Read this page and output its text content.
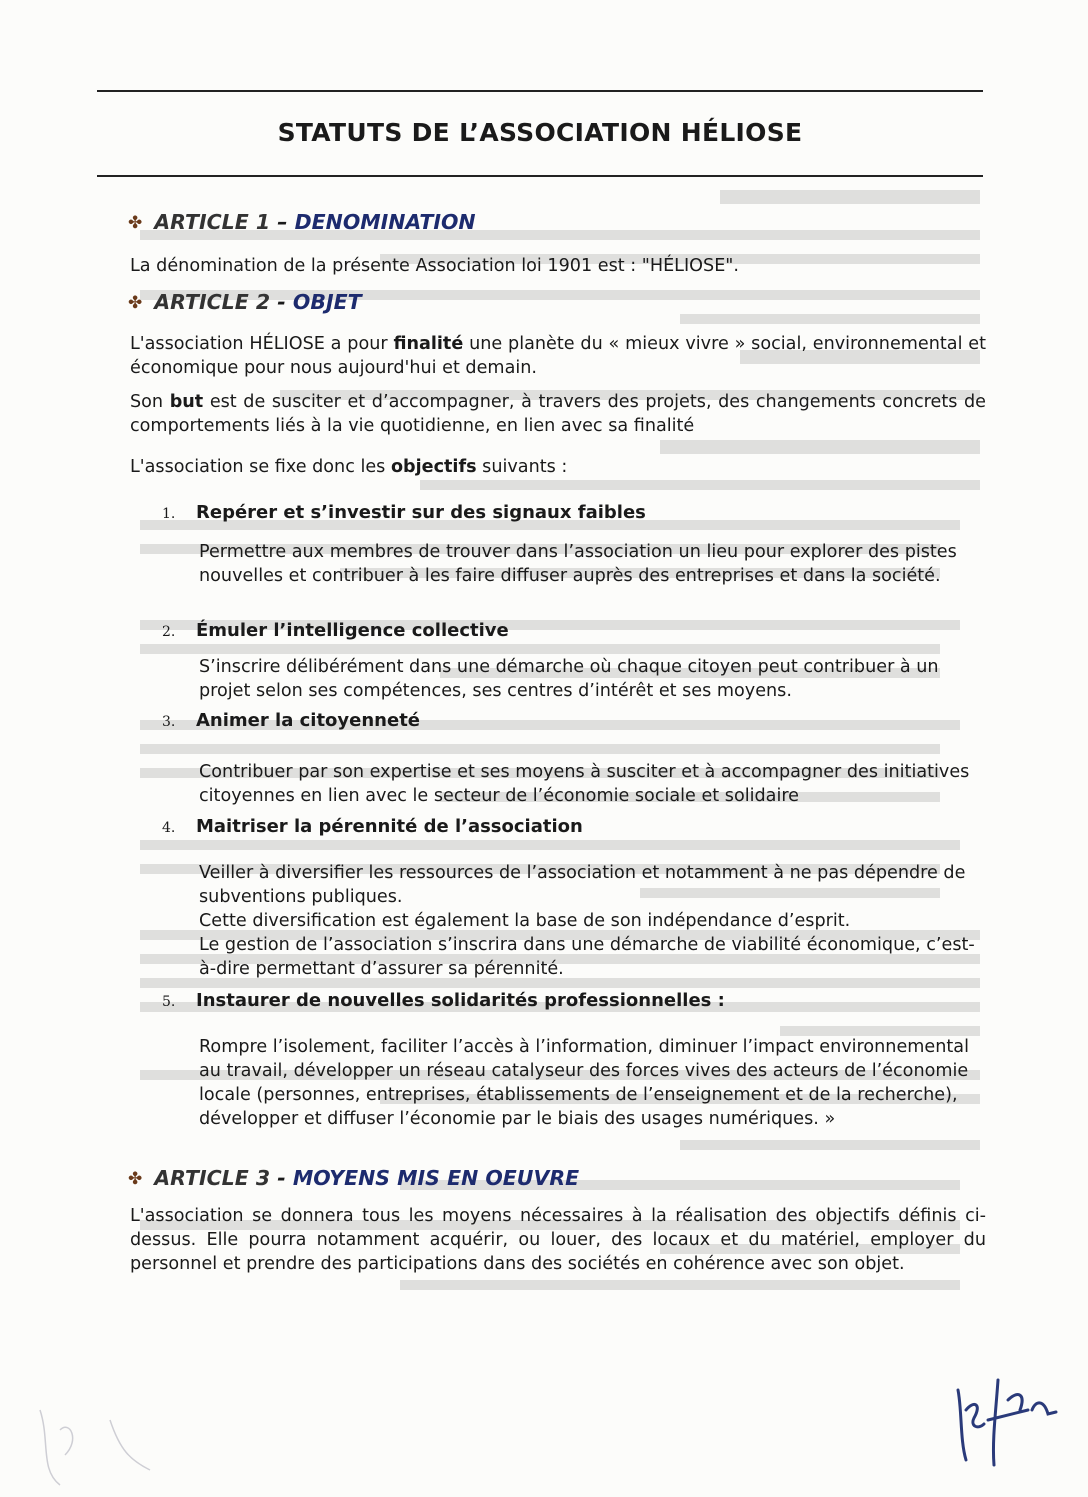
STATUTS DE L’ASSOCIATION HÉLIOSE
✤ ARTICLE 1 – DENOMINATION

La dénomination de la présente Association loi 1901 est : "HÉLIOSE".

✤ ARTICLE 2 - OBJET

L'association HÉLIOSE a pour finalité une planète du « mieux vivre » social, environnemental et économique pour nous aujourd'hui et demain.

Son but est de susciter et d’accompagner, à travers des projets, des changements concrets de comportements liés à la vie quotidienne, en lien avec sa finalité

L'association se fixe donc les objectifs suivants :

1. Repérer et s’investir sur des signaux faibles

Permettre aux membres de trouver dans l’association un lieu pour explorer des pistes nouvelles et contribuer à les faire diffuser auprès des entreprises et dans la société.

2. Émuler l’intelligence collective

S’inscrire délibérément dans une démarche où chaque citoyen peut contribuer à un projet selon ses compétences, ses centres d’intérêt et ses moyens.

3. Animer la citoyenneté

Contribuer par son expertise et ses moyens à susciter et à accompagner des initiatives citoyennes en lien avec le secteur de l’économie sociale et solidaire

4. Maitriser la pérennité de l’association

Veiller à diversifier les ressources de l’association et notamment à ne pas dépendre de subventions publiques.

Cette diversification est également la base de son indépendance d’esprit.

Le gestion de l’association s’inscrira dans une démarche de viabilité économique, c’est-à-dire permettant d’assurer sa pérennité.

5. Instaurer de nouvelles solidarités professionnelles :

Rompre l’isolement, faciliter l’accès à l’information, diminuer l’impact environnemental au travail, développer un réseau catalyseur des forces vives des acteurs de l’économie locale (personnes, entreprises, établissements de l’enseignement et de la recherche), développer et diffuser l’économie par le biais des usages numériques. »

✤ ARTICLE 3 - MOYENS MIS EN OEUVRE

L'association se donnera tous les moyens nécessaires à la réalisation des objectifs définis ci-dessus. Elle pourra notamment acquérir, ou louer, des locaux et du matériel, employer du personnel et prendre des participations dans des sociétés en cohérence avec son objet.
